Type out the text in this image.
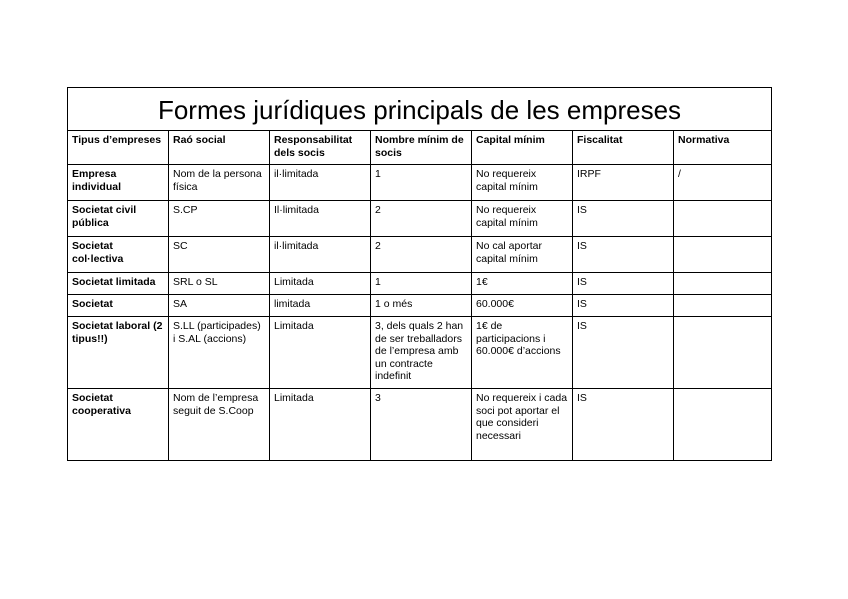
Formes jurídiques principals de les empreses						
Tipus d’empreses	Raó social	Responsabilitat dels socis	Nombre mínim de socis	Capital mínim	Fiscalitat	Normativa
Empresa individual	Nom de la persona física	il·limitada	1	No requereix capital mínim	IRPF	/
Societat civil pública	S.CP	Il·limitada	2	No requereix capital mínim	IS	
Societat col·lectiva	SC	il·limitada	2	No cal aportar capital mínim	IS	
Societat limitada	SRL o SL	Limitada	1	1€	IS	
Societat	SA	limitada	1 o més	60.000€	IS	
Societat laboral (2 tipus!!)	S.LL (participades) i S.AL (accions)	Limitada	3, dels quals 2 han de ser treballadors de l’empresa amb un contracte indefinit	1€ de participacions i 60.000€ d’accions	IS	
Societat cooperativa	Nom de l’empresa seguit de S.Coop	Limitada	3	No requereix i cada soci pot aportar el que consideri necessari	IS	
